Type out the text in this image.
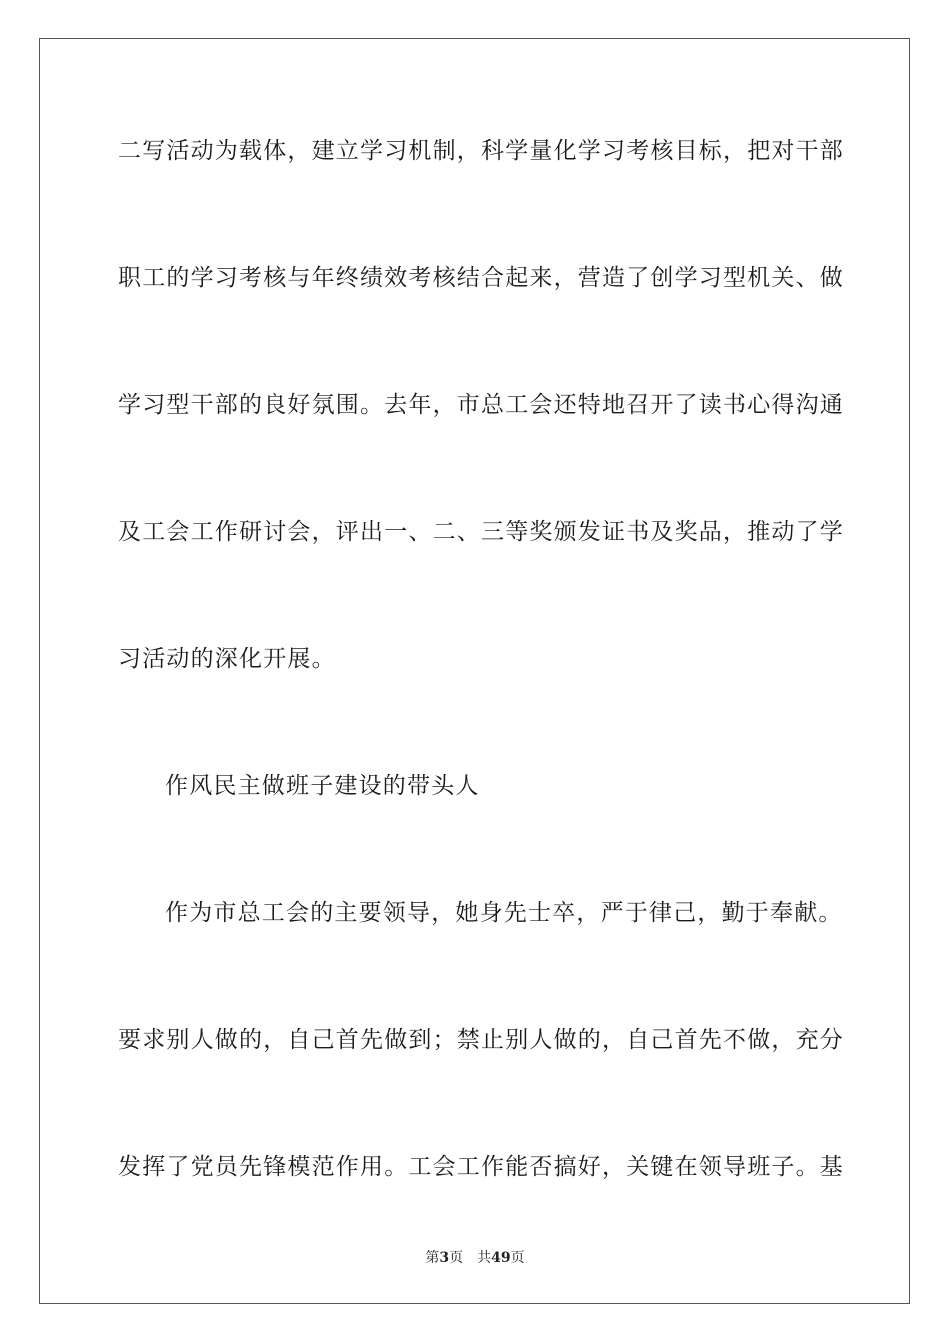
二写活动为载体，建立学习机制，科学量化学习考核目标，把对干部
职工的学习考核与年终绩效考核结合起来，营造了创学习型机关、做
学习型干部的良好氛围。去年，市总工会还特地召开了读书心得沟通
及工会工作研讨会，评出一、二、三等奖颁发证书及奖品，推动了学
习活动的深化开展。
作风民主做班子建设的带头人
作为市总工会的主要领导，她身先士卒，严于律己，勤于奉献。
要求别人做的，自己首先做到；禁止别人做的，自己首先不做，充分
发挥了党员先锋模范作用。工会工作能否搞好，关键在领导班子。基
第3页 共49页
